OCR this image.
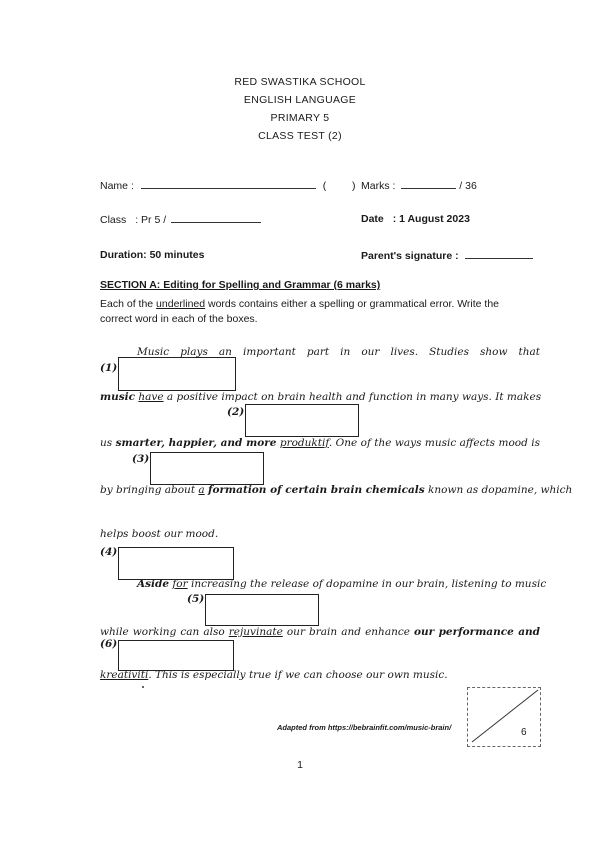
RED SWASTIKA SCHOOL
ENGLISH LANGUAGE
PRIMARY 5
CLASS TEST (2)
Name :	( ) Marks :	/ 36
Class : Pr 5 /	Date : 1 August 2023
Duration: 50 minutes	Parent's signature :
SECTION A: Editing for Spelling and Grammar (6 marks)
Each of the underlined words contains either a spelling or grammatical error. Write the correct word in each of the boxes.
Music plays an important part in our lives. Studies show that
music have a positive impact on brain health and function in many ways. It makes
us smarter, happier, and more produktif. One of the ways music affects mood is
by bringing about a formation of certain brain chemicals known as dopamine, which
helps boost our mood.
Aside for increasing the release of dopamine in our brain, listening to music
while working can also rejuvinate our brain and enhance our performance and
kreativiti. This is especially true if we can choose our own music.
(1)
(2)
(3)
(4)
(5)
(6)
Adapted from https://bebrainfit.com/music-brain/	6
1
